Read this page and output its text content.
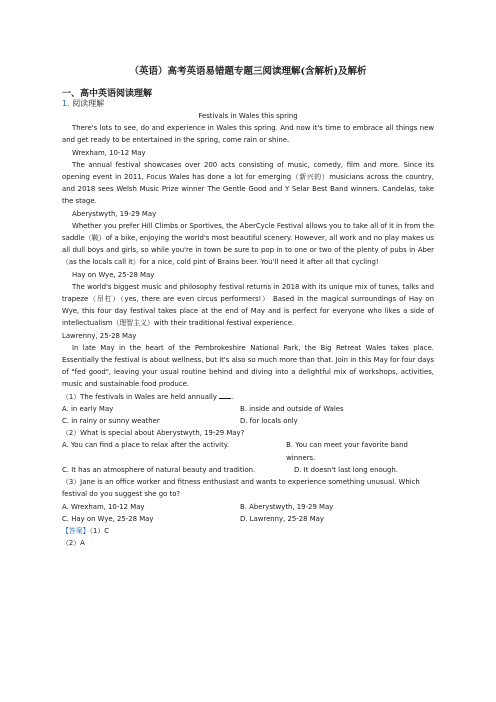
（英语）高考英语易错题专题三阅读理解(含解析)及解析
一、高中英语阅读理解
1. 阅读理解

Festivals in Wales this spring

There's lots to see, do and experience in Wales this spring. And now it's time to embrace all things new and get ready to be entertained in the spring, come rain or shine.

Wrexham, 10-12 May

The annual festival showcases over 200 acts consisting of music, comedy, film and more. Since its opening event in 2011, Focus Wales has done a lot for emerging（新兴的）musicians across the country, and 2018 sees Welsh Music Prize winner The Gentle Good and Y Selar Best Band winners. Candelas, take the stage.

Aberystwyth, 19-29 May

Whether you prefer Hill Climbs or Sportives, the AberCycle Festival allows you to take all of it in from the saddle（鞍）of a bike, enjoying the world's most beautiful scenery. However, all work and no play makes us all dull boys and girls, so while you're in town be sure to pop in to one or two of the plenty of pubs in Aber（as the locals call it）for a nice, cold pint of Brains beer. You'll need it after all that cycling!

Hay on Wye, 25-28 May

The world's biggest music and philosophy festival returns in 2018 with its unique mix of tunes, talks and trapeze（吊杠）（yes, there are even circus performers!） Based in the magical surroundings of Hay on Wye, this four day festival takes place at the end of May and is perfect for everyone who likes a side of intellectualism（理智主义）with their traditional festival experience.

Lawrenny, 25-28 May

In late May in the heart of the Pembrokeshire National Park, the Big Retreat Wales takes place. Essentially the festival is about wellness, but it's also so much more than that. Join in this May for four days of "fed good", leaving your usual routine behind and diving into a delightful mix of workshops, activities, music and sustainable food produce.

（1）The festivals in Wales are held annually .

A. in early May	B. inside and outside of Wales
C. in rainy or sunny weather	D. for locals only

（2）What is special about Aberystwyth, 19-29 May?

A. You can find a place to relax after the activity.	B. You can meet your favorite band winners.
C. It has an atmosphere of natural beauty and tradition.	D. It doesn't last long enough.

（3）Jane is an office worker and fitness enthusiast and wants to experience something unusual. Which festival do you suggest she go to?

A. Wrexham, 10-12 May	B. Aberystwyth, 19-29 May
C. Hay on Wye, 25-28 May	D. Lawrenny, 25-28 May

【答案】（1）C

（2）A
